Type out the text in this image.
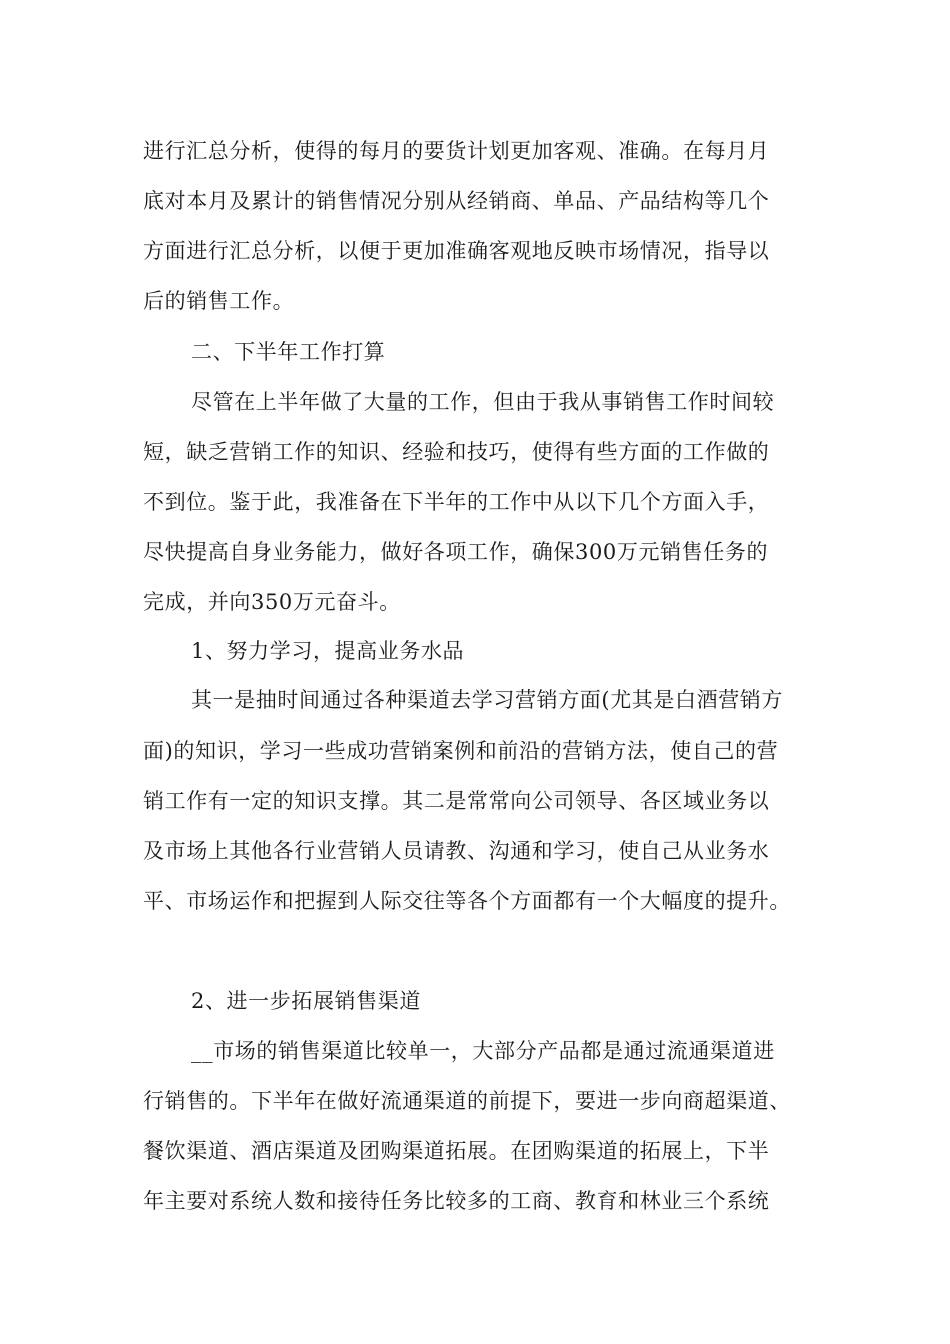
进行汇总分析，使得的每月的要货计划更加客观、准确。在每月月
底对本月及累计的销售情况分别从经销商、单品、产品结构等几个
方面进行汇总分析，以便于更加准确客观地反映市场情况，指导以
后的销售工作。
二、下半年工作打算
尽管在上半年做了大量的工作，但由于我从事销售工作时间较
短，缺乏营销工作的知识、经验和技巧，使得有些方面的工作做的
不到位。鉴于此，我准备在下半年的工作中从以下几个方面入手，
尽快提高自身业务能力，做好各项工作，确保300万元销售任务的
完成，并向350万元奋斗。
1、努力学习，提高业务水品
其一是抽时间通过各种渠道去学习营销方面(尤其是白酒营销方
面)的知识，学习一些成功营销案例和前沿的营销方法，使自己的营
销工作有一定的知识支撑。其二是常常向公司领导、各区域业务以
及市场上其他各行业营销人员请教、沟通和学习，使自己从业务水
平、市场运作和把握到人际交往等各个方面都有一个大幅度的提升。
2、进一步拓展销售渠道
__市场的销售渠道比较单一，大部分产品都是通过流通渠道进
行销售的。下半年在做好流通渠道的前提下，要进一步向商超渠道、
餐饮渠道、酒店渠道及团购渠道拓展。在团购渠道的拓展上，下半
年主要对系统人数和接待任务比较多的工商、教育和林业三个系统
